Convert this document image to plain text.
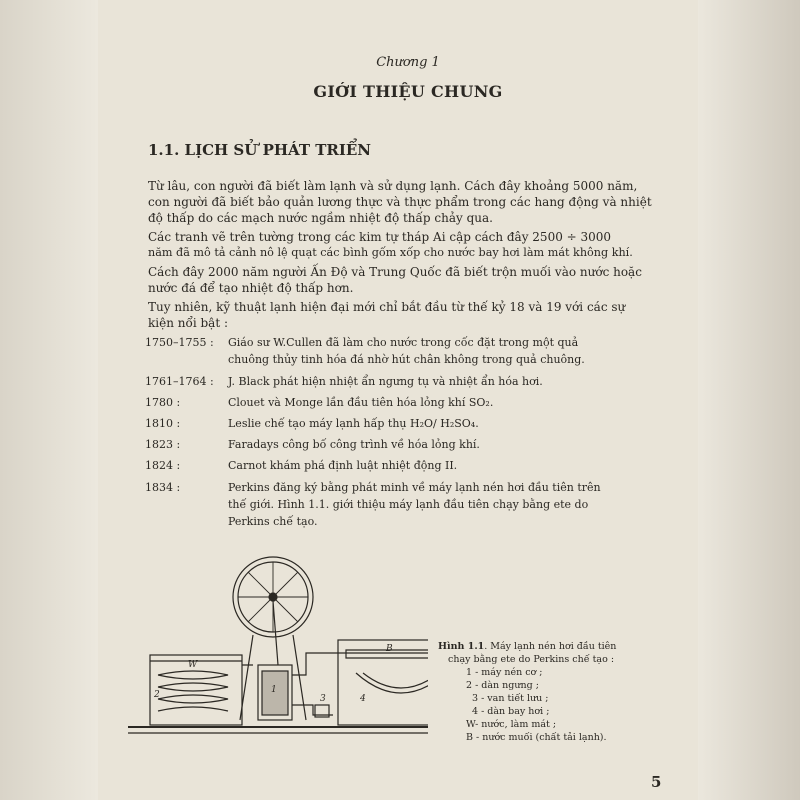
Chương 1
GIỚI THIỆU CHUNG
1.1. LỊCH SỬ PHÁT TRIỂN
Từ lâu, con người đã biết làm lạnh và sử dụng lạnh. Cách đây khoảng 5000 năm,
con người đã biết bảo quản lương thực và thực phẩm trong các hang động và nhiệt
độ thấp do các mạch nước ngầm nhiệt độ thấp chảy qua.
Các tranh vẽ trên tường trong các kim tự tháp Ai cập cách đây 2500 ÷ 3000
năm đã mô tả cảnh nô lệ quạt các bình gốm xốp cho nước bay hơi làm mát không khí.
Cách đây 2000 năm người Ấn Độ và Trung Quốc đã biết trộn muối vào nước hoặc
nước đá để tạo nhiệt độ thấp hơn.
Tuy nhiên, kỹ thuật lạnh hiện đại mới chỉ bắt đầu từ thế kỷ 18 và 19 với các sự
kiện nổi bật :
1750–1755 :	Giáo sư W.Cullen đã làm cho nước trong cốc đặt trong một quả
chuông thủy tinh hóa đá nhờ hút chân không trong quả chuông.
1761–1764 :	J. Black phát hiện nhiệt ẩn ngưng tụ và nhiệt ẩn hóa hơi.
1780 :	Clouet và Monge lần đầu tiên hóa lỏng khí SO₂.
1810 :	Leslie chế tạo máy lạnh hấp thụ H₂O/ H₂SO₄.
1823 :	Faradays công bố công trình về hóa lỏng khí.
1824 :	Carnot khám phá định luật nhiệt động II.
1834 :	Perkins đăng ký bằng phát minh về máy lạnh nén hơi đầu tiên trên
thế giới. Hình 1.1. giới thiệu máy lạnh đầu tiên chạy bằng ete do
Perkins chế tạo.
W
2	1
3	4
B	Hình 1.1. Máy lạnh nén hơi đầu tiên
chạy bằng ete do Perkins chế tạo :
1 - máy nén cơ ;
2 - dàn ngưng ;
3 - van tiết lưu ;
4 - dàn bay hơi ;
W- nước, làm mát ;
B - nước muối (chất tải lạnh).
5
